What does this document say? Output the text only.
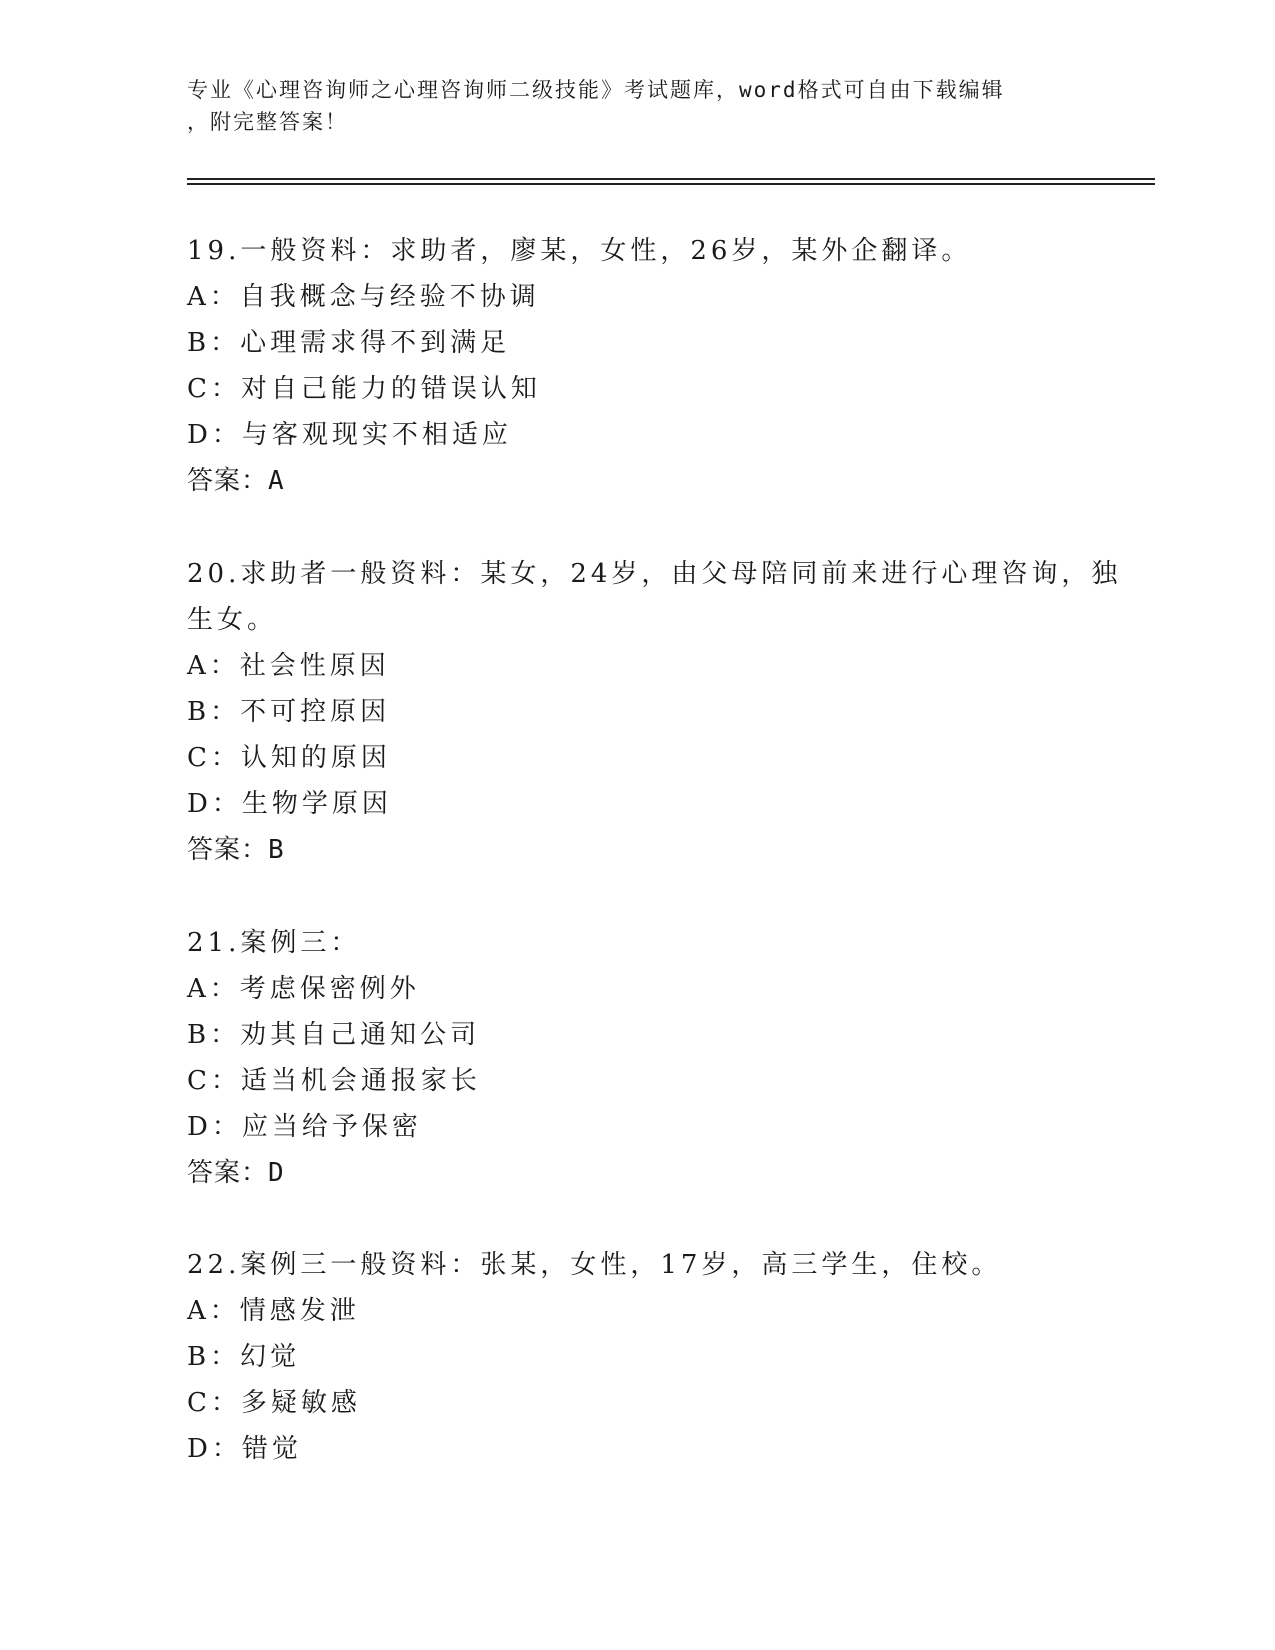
专业《心理咨询师之心理咨询师二级技能》考试题库，word格式可自由下载编辑
，附完整答案！
19.一般资料：求助者，廖某，女性，26岁，某外企翻译。
A：自我概念与经验不协调
B：心理需求得不到满足
C：对自己能力的错误认知
D：与客观现实不相适应
答案：A
20.求助者一般资料：某女，24岁，由父母陪同前来进行心理咨询，独
生女。
A：社会性原因
B：不可控原因
C：认知的原因
D：生物学原因
答案：B
21.案例三：
A：考虑保密例外
B：劝其自己通知公司
C：适当机会通报家长
D：应当给予保密
答案：D
22.案例三一般资料：张某，女性，17岁，高三学生，住校。
A：情感发泄
B：幻觉
C：多疑敏感
D：错觉
